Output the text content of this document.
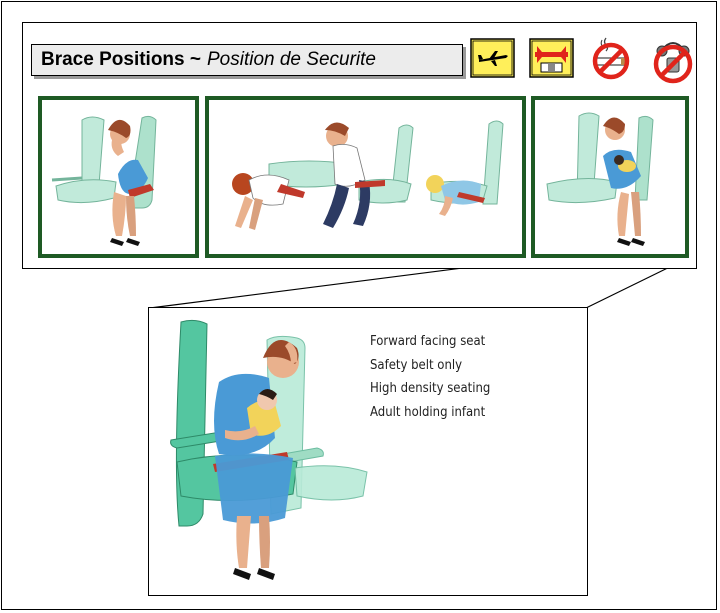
Brace Positions ~ Position de Securite
Forward facing seat
Safety belt only
High density seating
Adult holding infant
